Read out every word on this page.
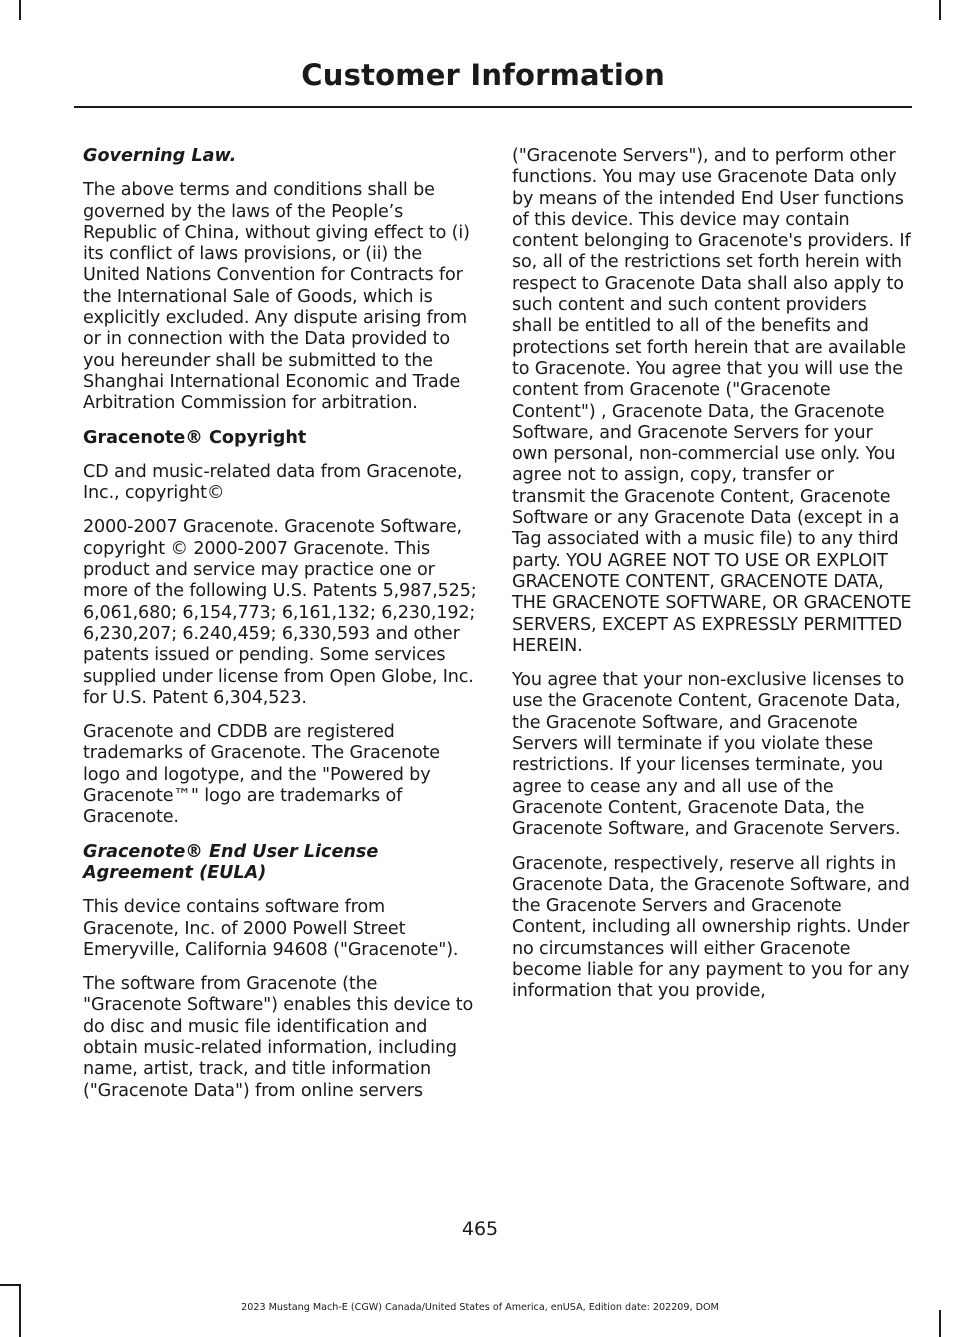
Customer Information

Governing Law.

The above terms and conditions shall be governed by the laws of the People’s Republic of China, without giving effect to (i) its conflict of laws provisions, or (ii) the United Nations Convention for Contracts for the International Sale of Goods, which is explicitly excluded. Any dispute arising from or in connection with the Data provided to you hereunder shall be submitted to the Shanghai International Economic and Trade Arbitration Commission for arbitration.

Gracenote® Copyright

CD and music-related data from Gracenote, Inc., copyright©

2000-2007 Gracenote. Gracenote Software, copyright © 2000-2007 Gracenote. This product and service may practice one or more of the following U.S. Patents 5,987,525; 6,061,680; 6,154,773; 6,161,132; 6,230,192; 6,230,207; 6.240,459; 6,330,593 and other patents issued or pending. Some services supplied under license from Open Globe, Inc. for U.S. Patent 6,304,523.

Gracenote and CDDB are registered trademarks of Gracenote. The Gracenote logo and logotype, and the "Powered by Gracenote™" logo are trademarks of Gracenote.

Gracenote® End User License Agreement (EULA)

This device contains software from Gracenote, Inc. of 2000 Powell Street Emeryville, California 94608 ("Gracenote").

The software from Gracenote (the "Gracenote Software") enables this device to do disc and music file identification and obtain music-related information, including name, artist, track, and title information ("Gracenote Data") from online servers

("Gracenote Servers"), and to perform other functions. You may use Gracenote Data only by means of the intended End User functions of this device. This device may contain content belonging to Gracenote's providers. If so, all of the restrictions set forth herein with respect to Gracenote Data shall also apply to such content and such content providers shall be entitled to all of the benefits and protections set forth herein that are available to Gracenote. You agree that you will use the content from Gracenote ("Gracenote Content") , Gracenote Data, the Gracenote Software, and Gracenote Servers for your own personal, non-commercial use only. You agree not to assign, copy, transfer or transmit the Gracenote Content, Gracenote Software or any Gracenote Data (except in a Tag associated with a music file) to any third party. YOU AGREE NOT TO USE OR EXPLOIT GRACENOTE CONTENT, GRACENOTE DATA, THE GRACENOTE SOFTWARE, OR GRACENOTE SERVERS, EXCEPT AS EXPRESSLY PERMITTED HEREIN.

You agree that your non-exclusive licenses to use the Gracenote Content, Gracenote Data, the Gracenote Software, and Gracenote Servers will terminate if you violate these restrictions. If your licenses terminate, you agree to cease any and all use of the Gracenote Content, Gracenote Data, the Gracenote Software, and Gracenote Servers.

Gracenote, respectively, reserve all rights in Gracenote Data, the Gracenote Software, and the Gracenote Servers and Gracenote Content, including all ownership rights. Under no circumstances will either Gracenote become liable for any payment to you for any information that you provide,

465

2023 Mustang Mach-E (CGW) Canada/United States of America, enUSA, Edition date: 202209, DOM
